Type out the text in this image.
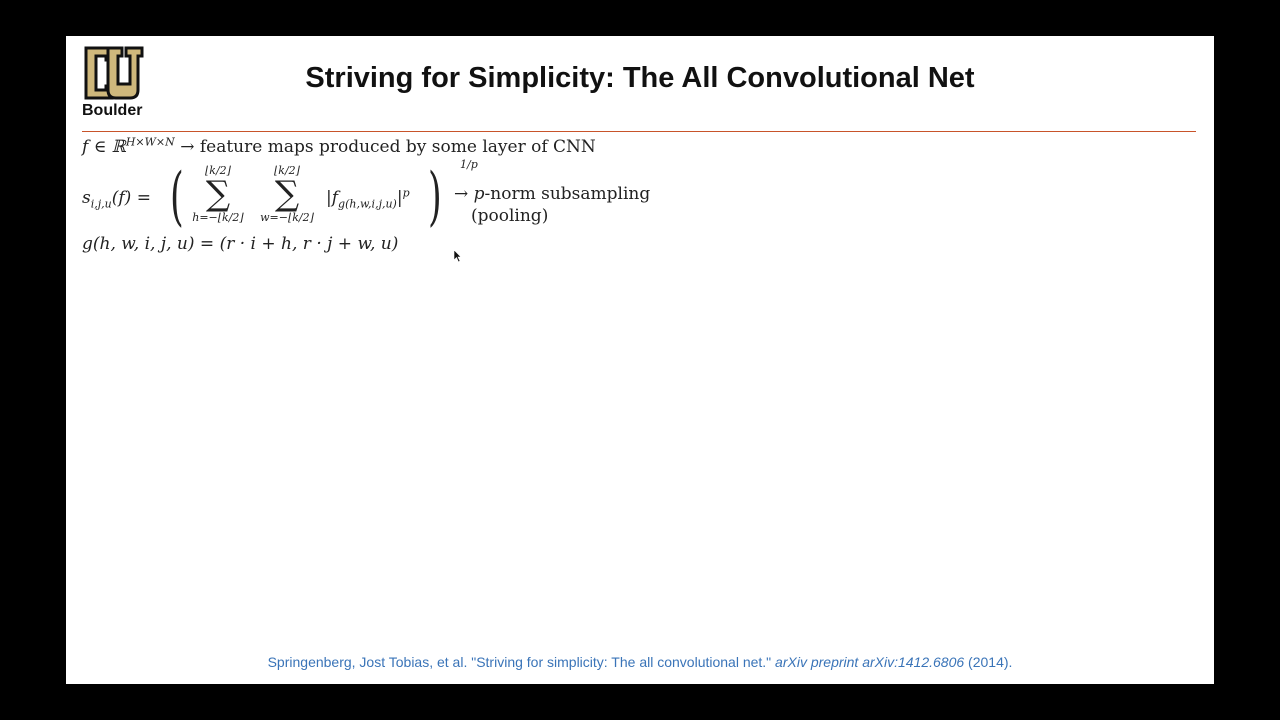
Boulder
Striving for Simplicity: The All Convolutional Net
f ∈ ℝ$^{H\times W\times N}$ → feature maps produced by some layer of CNN
$s_{i,j,u}(f)$ = (	⌊k/2⌋
∑
h=−⌊k/2⌋
⌊k/2⌋
∑
w=−⌊k/2⌋
$|f_{g(h,w,i,j,u)}|^p$ ) 1/p
→ p-norm subsampling
(pooling)
g(h, w, i, j, u) = (r · i + h, r · j + w, u)
Springenberg, Jost Tobias, et al. "Striving for simplicity: The all convolutional net." arXiv preprint arXiv:1412.6806 (2014).
